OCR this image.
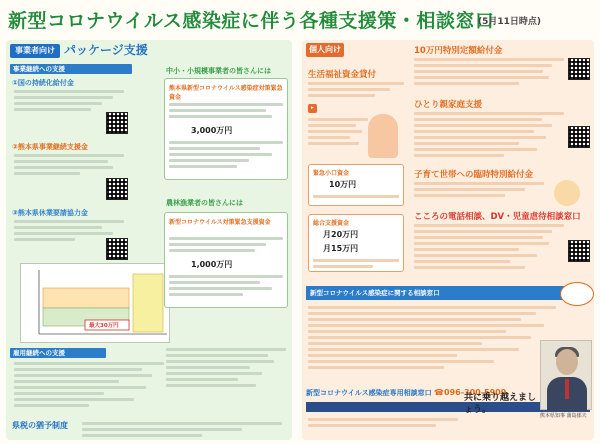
新型コロナウイルス感染症に伴う各種支援策・相談窓口
(5月11日時点)
事業者向け パッケージ支援
事業継続への支援
①国の持続化給付金
②熊本県事業継続支援金
③熊本県休業要請協力金
最大30万円
雇用継続への支援
県税の猶予制度
中小・小規模事業者の皆さんには
熊本県新型コロナウイルス感染症対策緊急資金
3,000万円
農林漁業者の皆さんには
新型コロナウイルス対策緊急支援資金
1,000万円
個人向け
生活福祉資金貸付
▸
緊急小口資金
10万円
総合支援資金
月20万円
月15万円
10万円特別定額給付金
ひとり親家庭支援
子育て世帯への臨時特別給付金
こころの電話相談、DV・児童虐待相談窓口
新型コロナウイルス感染症に関する相談窓口
新型コロナウイルス感染症専用相談窓口 ☎096-300-5909
共に乗り越えましょう。
熊本県知事 蒲島郁夫
